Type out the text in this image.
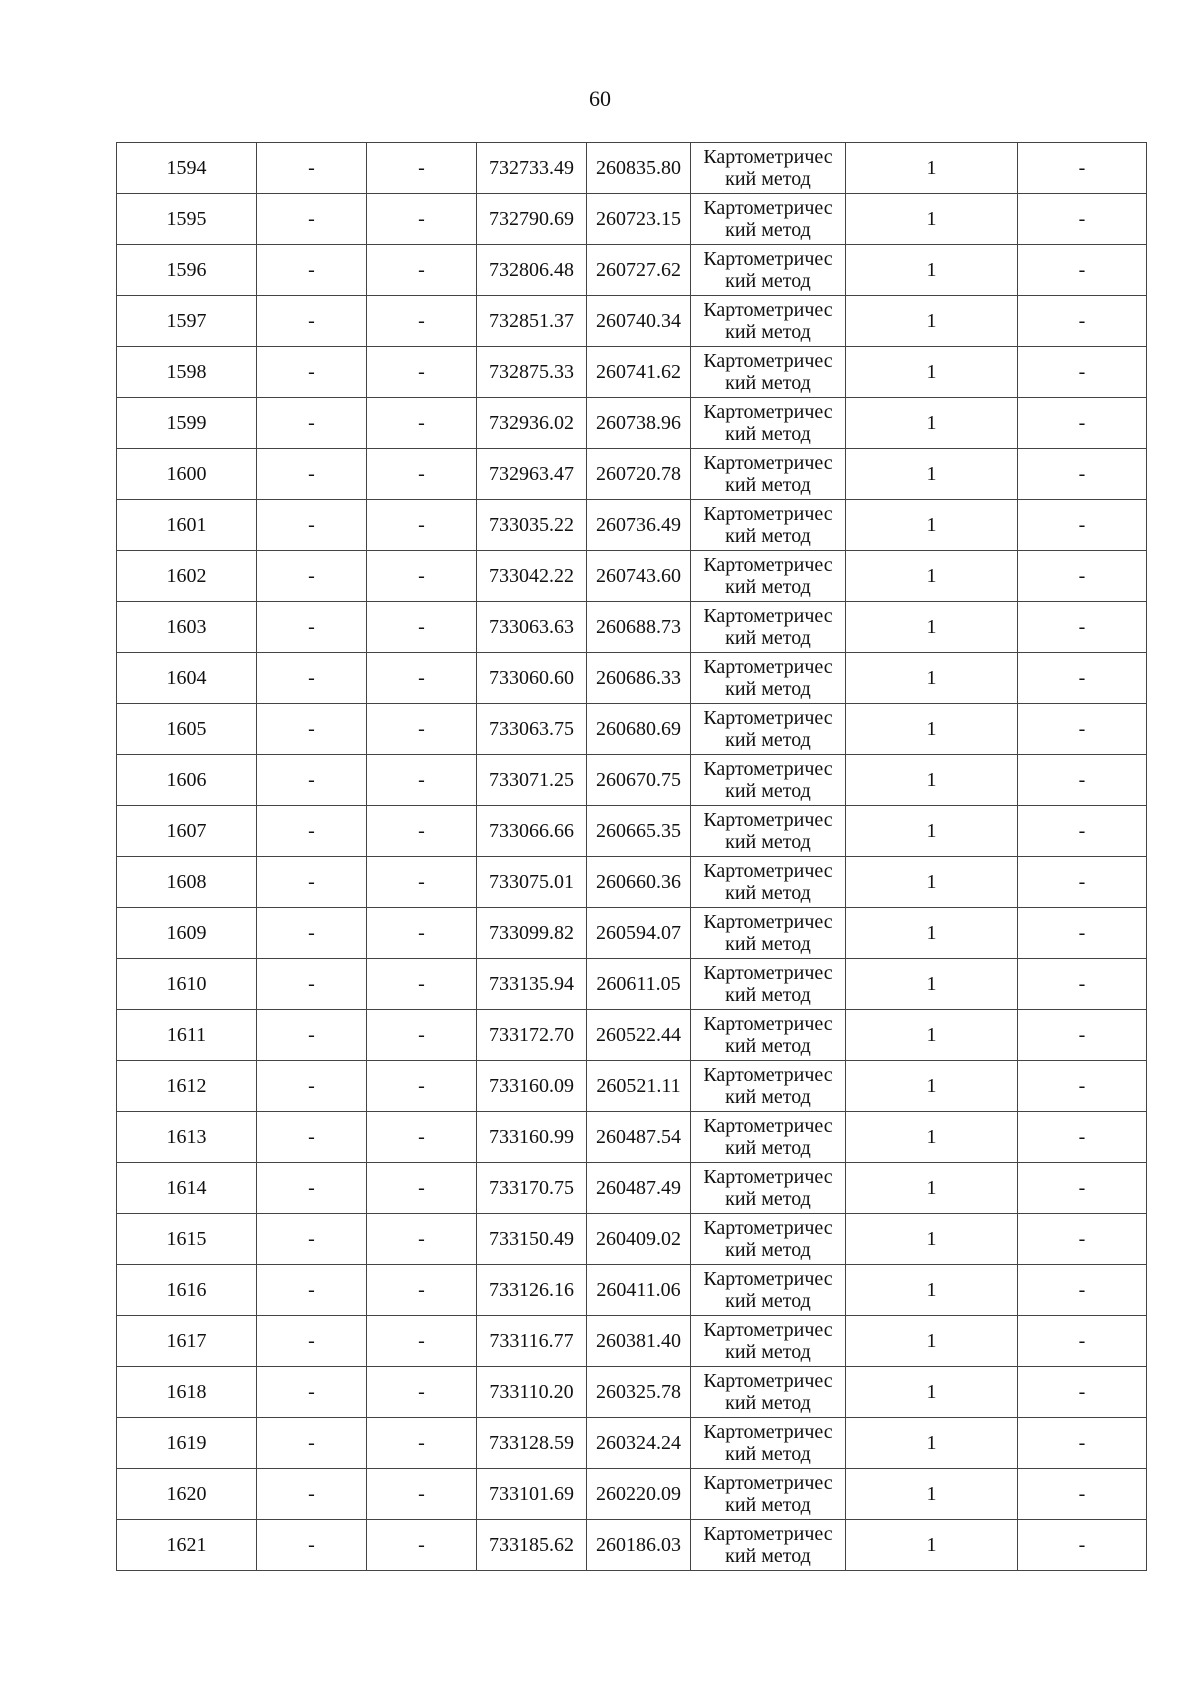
60
1594	-	-	732733.49	260835.80	Картометричес
кий метод	1	-
1595	-	-	732790.69	260723.15	Картометричес
кий метод	1	-
1596	-	-	732806.48	260727.62	Картометричес
кий метод	1	-
1597	-	-	732851.37	260740.34	Картометричес
кий метод	1	-
1598	-	-	732875.33	260741.62	Картометричес
кий метод	1	-
1599	-	-	732936.02	260738.96	Картометричес
кий метод	1	-
1600	-	-	732963.47	260720.78	Картометричес
кий метод	1	-
1601	-	-	733035.22	260736.49	Картометричес
кий метод	1	-
1602	-	-	733042.22	260743.60	Картометричес
кий метод	1	-
1603	-	-	733063.63	260688.73	Картометричес
кий метод	1	-
1604	-	-	733060.60	260686.33	Картометричес
кий метод	1	-
1605	-	-	733063.75	260680.69	Картометричес
кий метод	1	-
1606	-	-	733071.25	260670.75	Картометричес
кий метод	1	-
1607	-	-	733066.66	260665.35	Картометричес
кий метод	1	-
1608	-	-	733075.01	260660.36	Картометричес
кий метод	1	-
1609	-	-	733099.82	260594.07	Картометричес
кий метод	1	-
1610	-	-	733135.94	260611.05	Картометричес
кий метод	1	-
1611	-	-	733172.70	260522.44	Картометричес
кий метод	1	-
1612	-	-	733160.09	260521.11	Картометричес
кий метод	1	-
1613	-	-	733160.99	260487.54	Картометричес
кий метод	1	-
1614	-	-	733170.75	260487.49	Картометричес
кий метод	1	-
1615	-	-	733150.49	260409.02	Картометричес
кий метод	1	-
1616	-	-	733126.16	260411.06	Картометричес
кий метод	1	-
1617	-	-	733116.77	260381.40	Картометричес
кий метод	1	-
1618	-	-	733110.20	260325.78	Картометричес
кий метод	1	-
1619	-	-	733128.59	260324.24	Картометричес
кий метод	1	-
1620	-	-	733101.69	260220.09	Картометричес
кий метод	1	-
1621	-	-	733185.62	260186.03	Картометричес
кий метод	1	-
